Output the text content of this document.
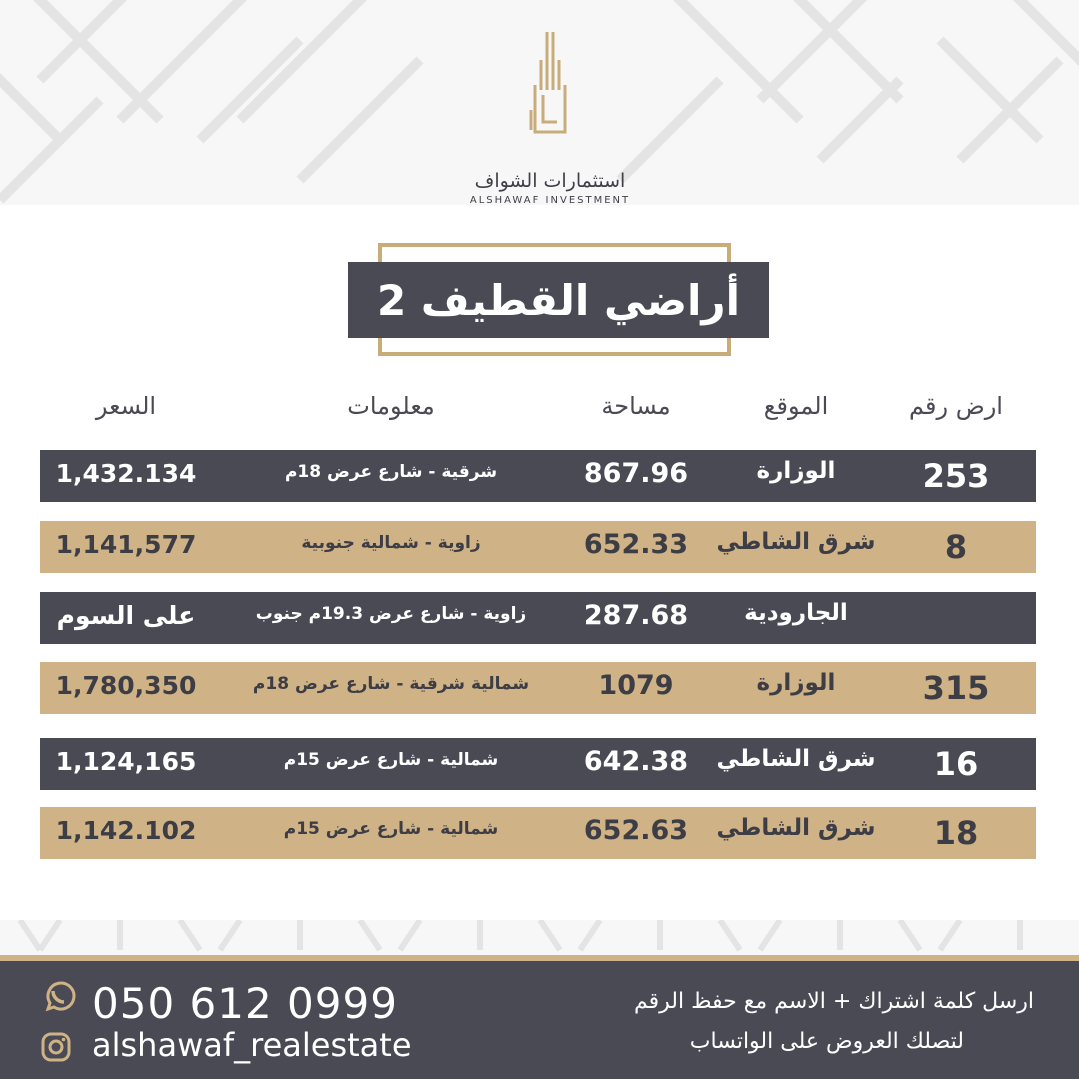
استثمارات الشواف
ALSHAWAF INVESTMENT
أراضي القطيف 2
ارض رقم
الموقع
مساحة
معلومات
السعر
253
الوزارة
867.96
شرقية - شارع عرض 18م
1,432.134
8
شرق الشاطي
652.33
زاوية - شمالية جنوبية
1,141,577
الجارودية
287.68
زاوية - شارع عرض 19.3م جنوب
على السوم
315
الوزارة
1079
شمالية شرقية - شارع عرض 18م
1,780,350
16
شرق الشاطي
642.38
شمالية - شارع عرض 15م
1,124,165
18
شرق الشاطي
652.63
شمالية - شارع عرض 15م
1,142.102
050 612 0999
alshawaf_realestate
ارسل كلمة اشتراك + الاسم مع حفظ الرقم
لتصلك العروض على الواتساب
